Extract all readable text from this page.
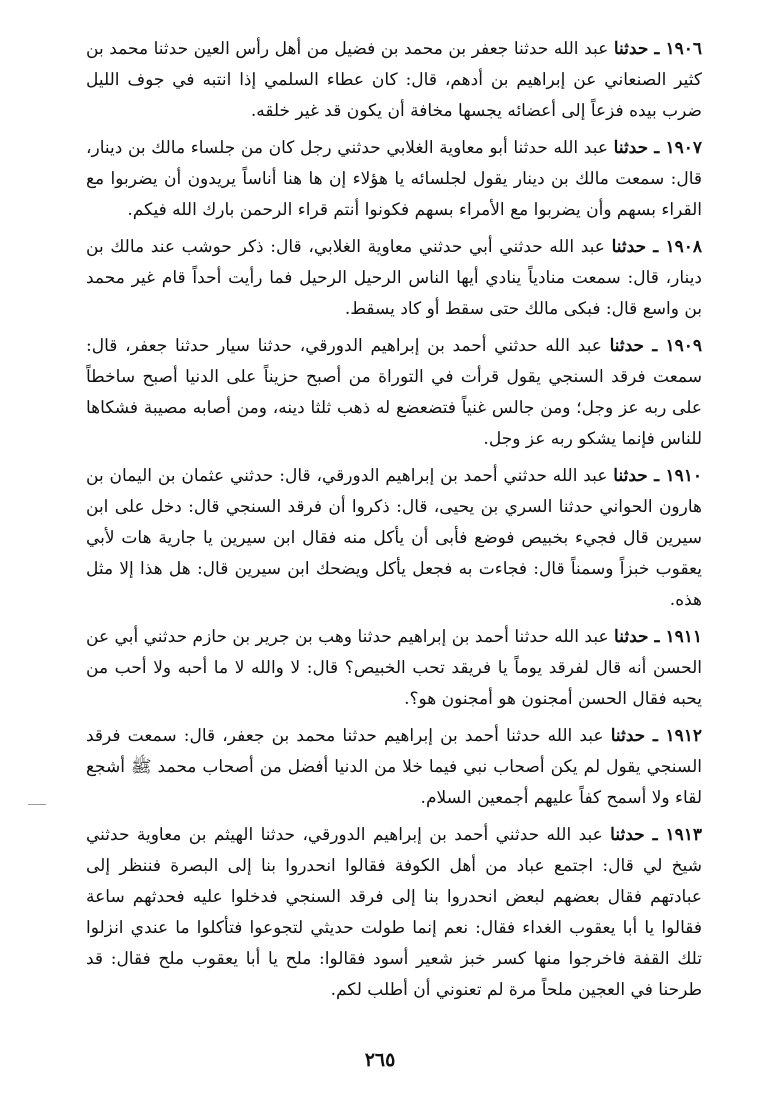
١٩٠٦ ـ حدثنا عبد الله حدثنا جعفر بن محمد بن فضيل من أهل رأس العين حدثنا محمد بن كثير الصنعاني عن إبراهيم بن أدهم، قال: كان عطاء السلمي إذا انتبه في جوف الليل ضرب بيده فزعاً إلى أعضائه يجسها مخافة أن يكون قد غير خلقه.

١٩٠٧ ـ حدثنا عبد الله حدثنا أبو معاوية الغلابي حدثني رجل كان من جلساء مالك بن دينار، قال: سمعت مالك بن دينار يقول لجلسائه يا هؤلاء إن ها هنا أناساً يريدون أن يضربوا مع القراء بسهم وأن يضربوا مع الأمراء بسهم فكونوا أنتم قراء الرحمن بارك الله فيكم.

١٩٠٨ ـ حدثنا عبد الله حدثني أبي حدثني معاوية الغلابي، قال: ذكر حوشب عند مالك بن دينار، قال: سمعت منادياً ينادي أيها الناس الرحيل الرحيل فما رأيت أحداً قام غير محمد بن واسع قال: فبكى مالك حتى سقط أو كاد يسقط.

١٩٠٩ ـ حدثنا عبد الله حدثني أحمد بن إبراهيم الدورقي، حدثنا سيار حدثنا جعفر، قال: سمعت فرقد السنجي يقول قرأت في التوراة من أصبح حزيناً على الدنيا أصبح ساخطاً على ربه عز وجل؛ ومن جالس غنياً فتضعضع له ذهب ثلثا دينه، ومن أصابه مصيبة فشكاها للناس فإنما يشكو ربه عز وجل.

١٩١٠ ـ حدثنا عبد الله حدثني أحمد بن إبراهيم الدورقي، قال: حدثني عثمان بن اليمان بن هارون الحواني حدثنا السري بن يحيى، قال: ذكروا أن فرقد السنجي قال: دخل على ابن سيرين قال فجيء بخبيص فوضع فأبى أن يأكل منه فقال ابن سيرين يا جارية هات لأبي يعقوب خبزاً وسمناً قال: فجاءت به فجعل يأكل ويضحك ابن سيرين قال: هل هذا إلا مثل هذه.

١٩١١ ـ حدثنا عبد الله حدثنا أحمد بن إبراهيم حدثنا وهب بن جرير بن حازم حدثني أبي عن الحسن أنه قال لفرقد يوماً يا فريقد تحب الخبيص؟ قال: لا والله لا ما أحبه ولا أحب من يحبه فقال الحسن أمجنون هو أمجنون هو؟.

١٩١٢ ـ حدثنا عبد الله حدثنا أحمد بن إبراهيم حدثنا محمد بن جعفر، قال: سمعت فرقد السنجي يقول لم يكن أصحاب نبي فيما خلا من الدنيا أفضل من أصحاب محمد ﷺ أشجع لقاء ولا أسمح كفاً عليهم أجمعين السلام.

١٩١٣ ـ حدثنا عبد الله حدثني أحمد بن إبراهيم الدورقي، حدثنا الهيثم بن معاوية حدثني شيخ لي قال: اجتمع عباد من أهل الكوفة فقالوا انحدروا بنا إلى البصرة فننظر إلى عبادتهم فقال بعضهم لبعض انحدروا بنا إلى فرقد السنجي فدخلوا عليه فحدثهم ساعة فقالوا يا أبا يعقوب الغداء فقال: نعم إنما طولت حديثي لتجوعوا فتأكلوا ما عندي انزلوا تلك القفة فاخرجوا منها كسر خبز شعير أسود فقالوا: ملح يا أبا يعقوب ملح فقال: قد طرحنا في العجين ملحاً مرة لم تعنوني أن أطلب لكم.

٢٦٥
